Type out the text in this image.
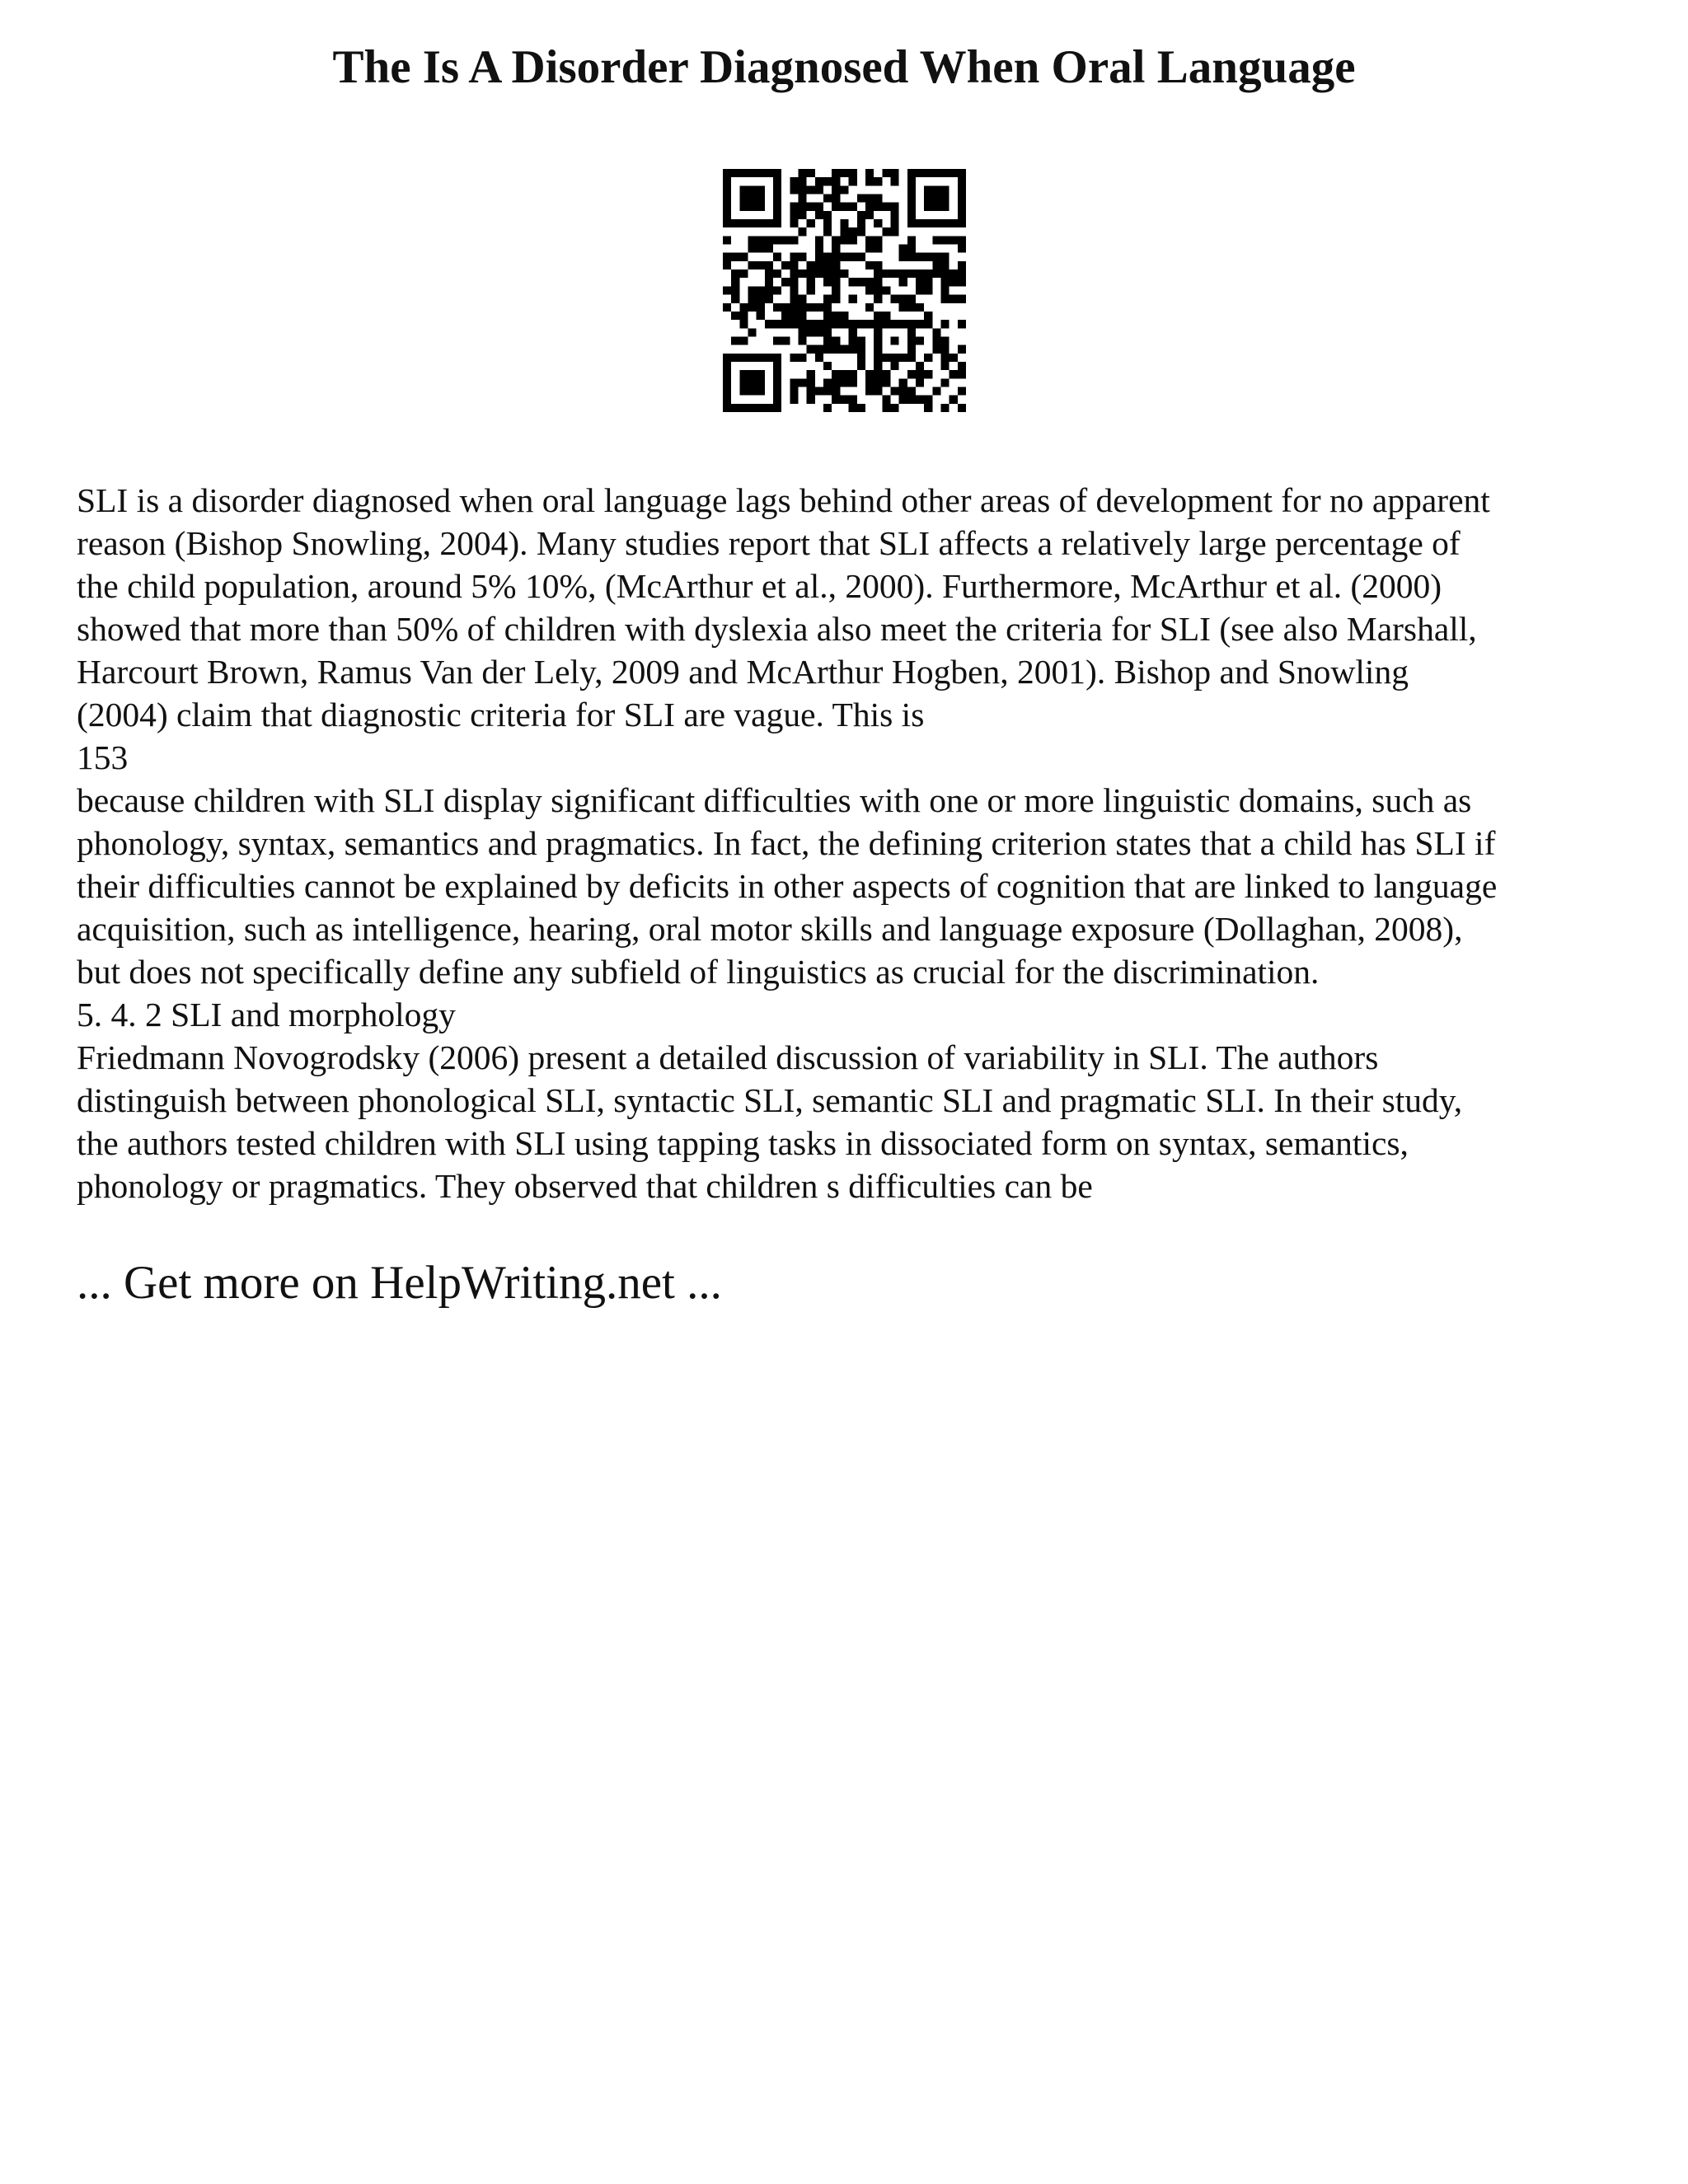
The Is A Disorder Diagnosed When Oral Language
SLI is a disorder diagnosed when oral language lags behind other areas of development for no apparent
reason (Bishop Snowling, 2004). Many studies report that SLI affects a relatively large percentage of
the child population, around 5% 10%, (McArthur et al., 2000). Furthermore, McArthur et al. (2000)
showed that more than 50% of children with dyslexia also meet the criteria for SLI (see also Marshall,
Harcourt Brown, Ramus Van der Lely, 2009 and McArthur Hogben, 2001). Bishop and Snowling
(2004) claim that diagnostic criteria for SLI are vague. This is
153
because children with SLI display significant difficulties with one or more linguistic domains, such as
phonology, syntax, semantics and pragmatics. In fact, the defining criterion states that a child has SLI if
their difficulties cannot be explained by deficits in other aspects of cognition that are linked to language
acquisition, such as intelligence, hearing, oral motor skills and language exposure (Dollaghan, 2008),
but does not specifically define any subfield of linguistics as crucial for the discrimination.
5. 4. 2 SLI and morphology
Friedmann Novogrodsky (2006) present a detailed discussion of variability in SLI. The authors
distinguish between phonological SLI, syntactic SLI, semantic SLI and pragmatic SLI. In their study,
the authors tested children with SLI using tapping tasks in dissociated form on syntax, semantics,
phonology or pragmatics. They observed that children s difficulties can be
... Get more on HelpWriting.net ...
